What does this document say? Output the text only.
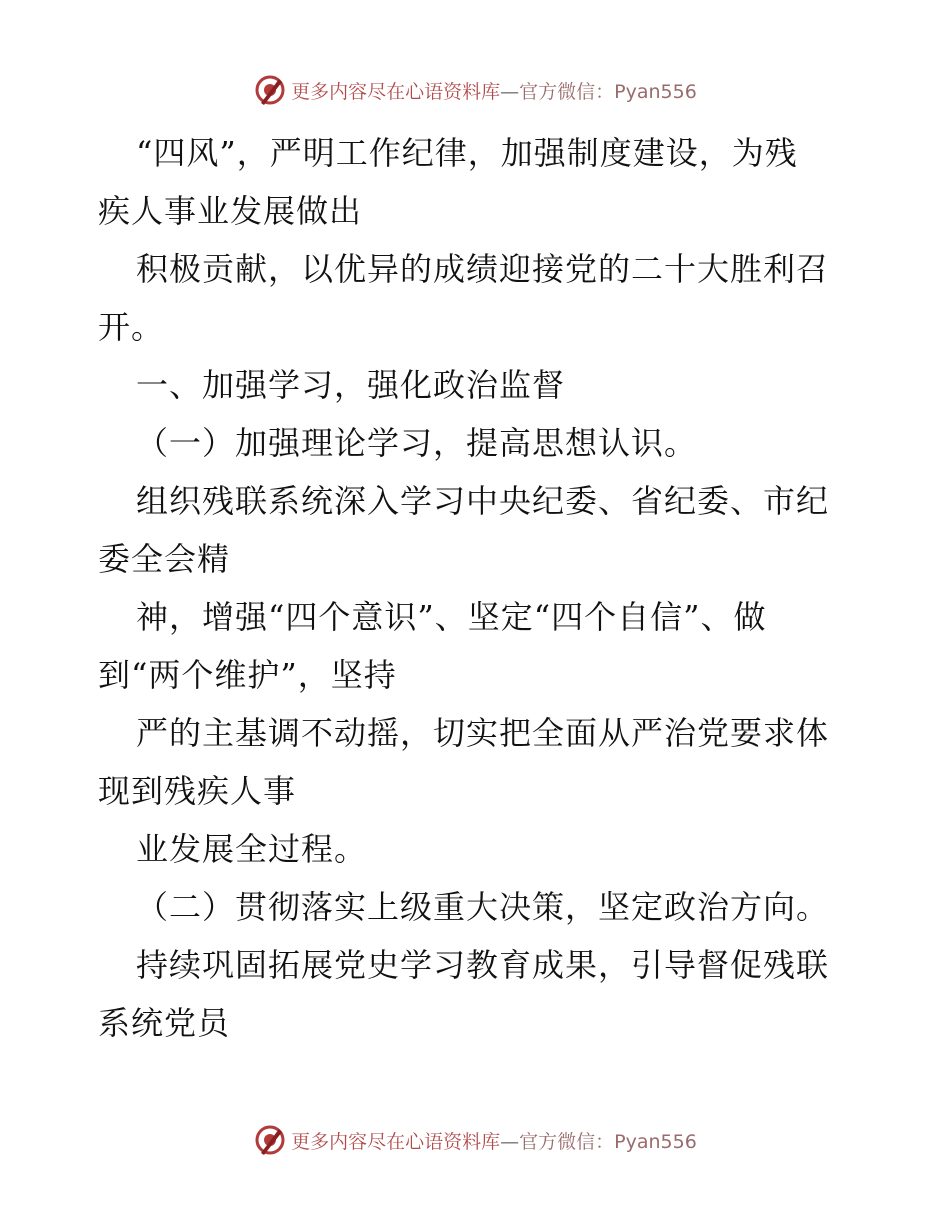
更多内容尽在心语资料库—官方微信：Pyan556
“四风”，严明工作纪律，加强制度建设，为残
疾人事业发展做出
积极贡献，以优异的成绩迎接党的二十大胜利召
开。
一、加强学习，强化政治监督
（一）加强理论学习，提高思想认识。
组织残联系统深入学习中央纪委、省纪委、市纪
委全会精
神，增强“四个意识”、坚定“四个自信”、做
到“两个维护”，坚持
严的主基调不动摇，切实把全面从严治党要求体
现到残疾人事
业发展全过程。
（二）贯彻落实上级重大决策，坚定政治方向。
持续巩固拓展党史学习教育成果，引导督促残联
系统党员
更多内容尽在心语资料库—官方微信：Pyan556
